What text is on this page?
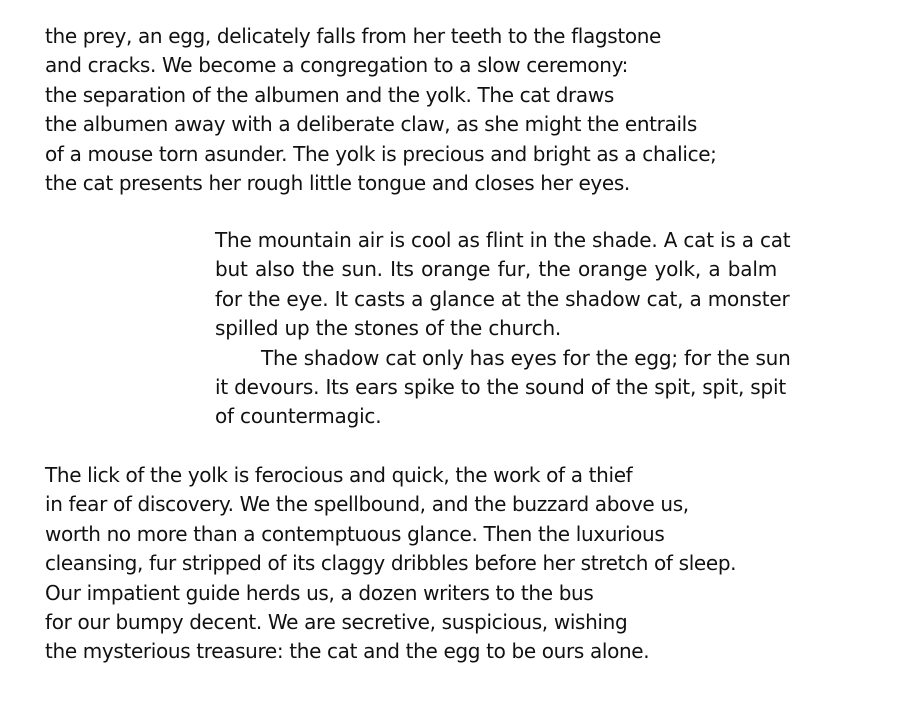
the prey, an egg, delicately falls from her teeth to the flagstone
and cracks. We become a congregation to a slow ceremony:
the separation of the albumen and the yolk. The cat draws
the albumen away with a deliberate claw, as she might the entrails
of a mouse torn asunder. The yolk is precious and bright as a chalice;
the cat presents her rough little tongue and closes her eyes.
The mountain air is cool as flint in the shade. A cat is a cat
but also the sun. Its orange fur, the orange yolk, a balm
for the eye. It casts a glance at the shadow cat, a monster
spilled up the stones of the church.
The shadow cat only has eyes for the egg; for the sun
it devours. Its ears spike to the sound of the spit, spit, spit
of countermagic.
The lick of the yolk is ferocious and quick, the work of a thief
in fear of discovery. We the spellbound, and the buzzard above us,
worth no more than a contemptuous glance. Then the luxurious
cleansing, fur stripped of its claggy dribbles before her stretch of sleep.
Our impatient guide herds us, a dozen writers to the bus
for our bumpy decent. We are secretive, suspicious, wishing
the mysterious treasure: the cat and the egg to be ours alone.
